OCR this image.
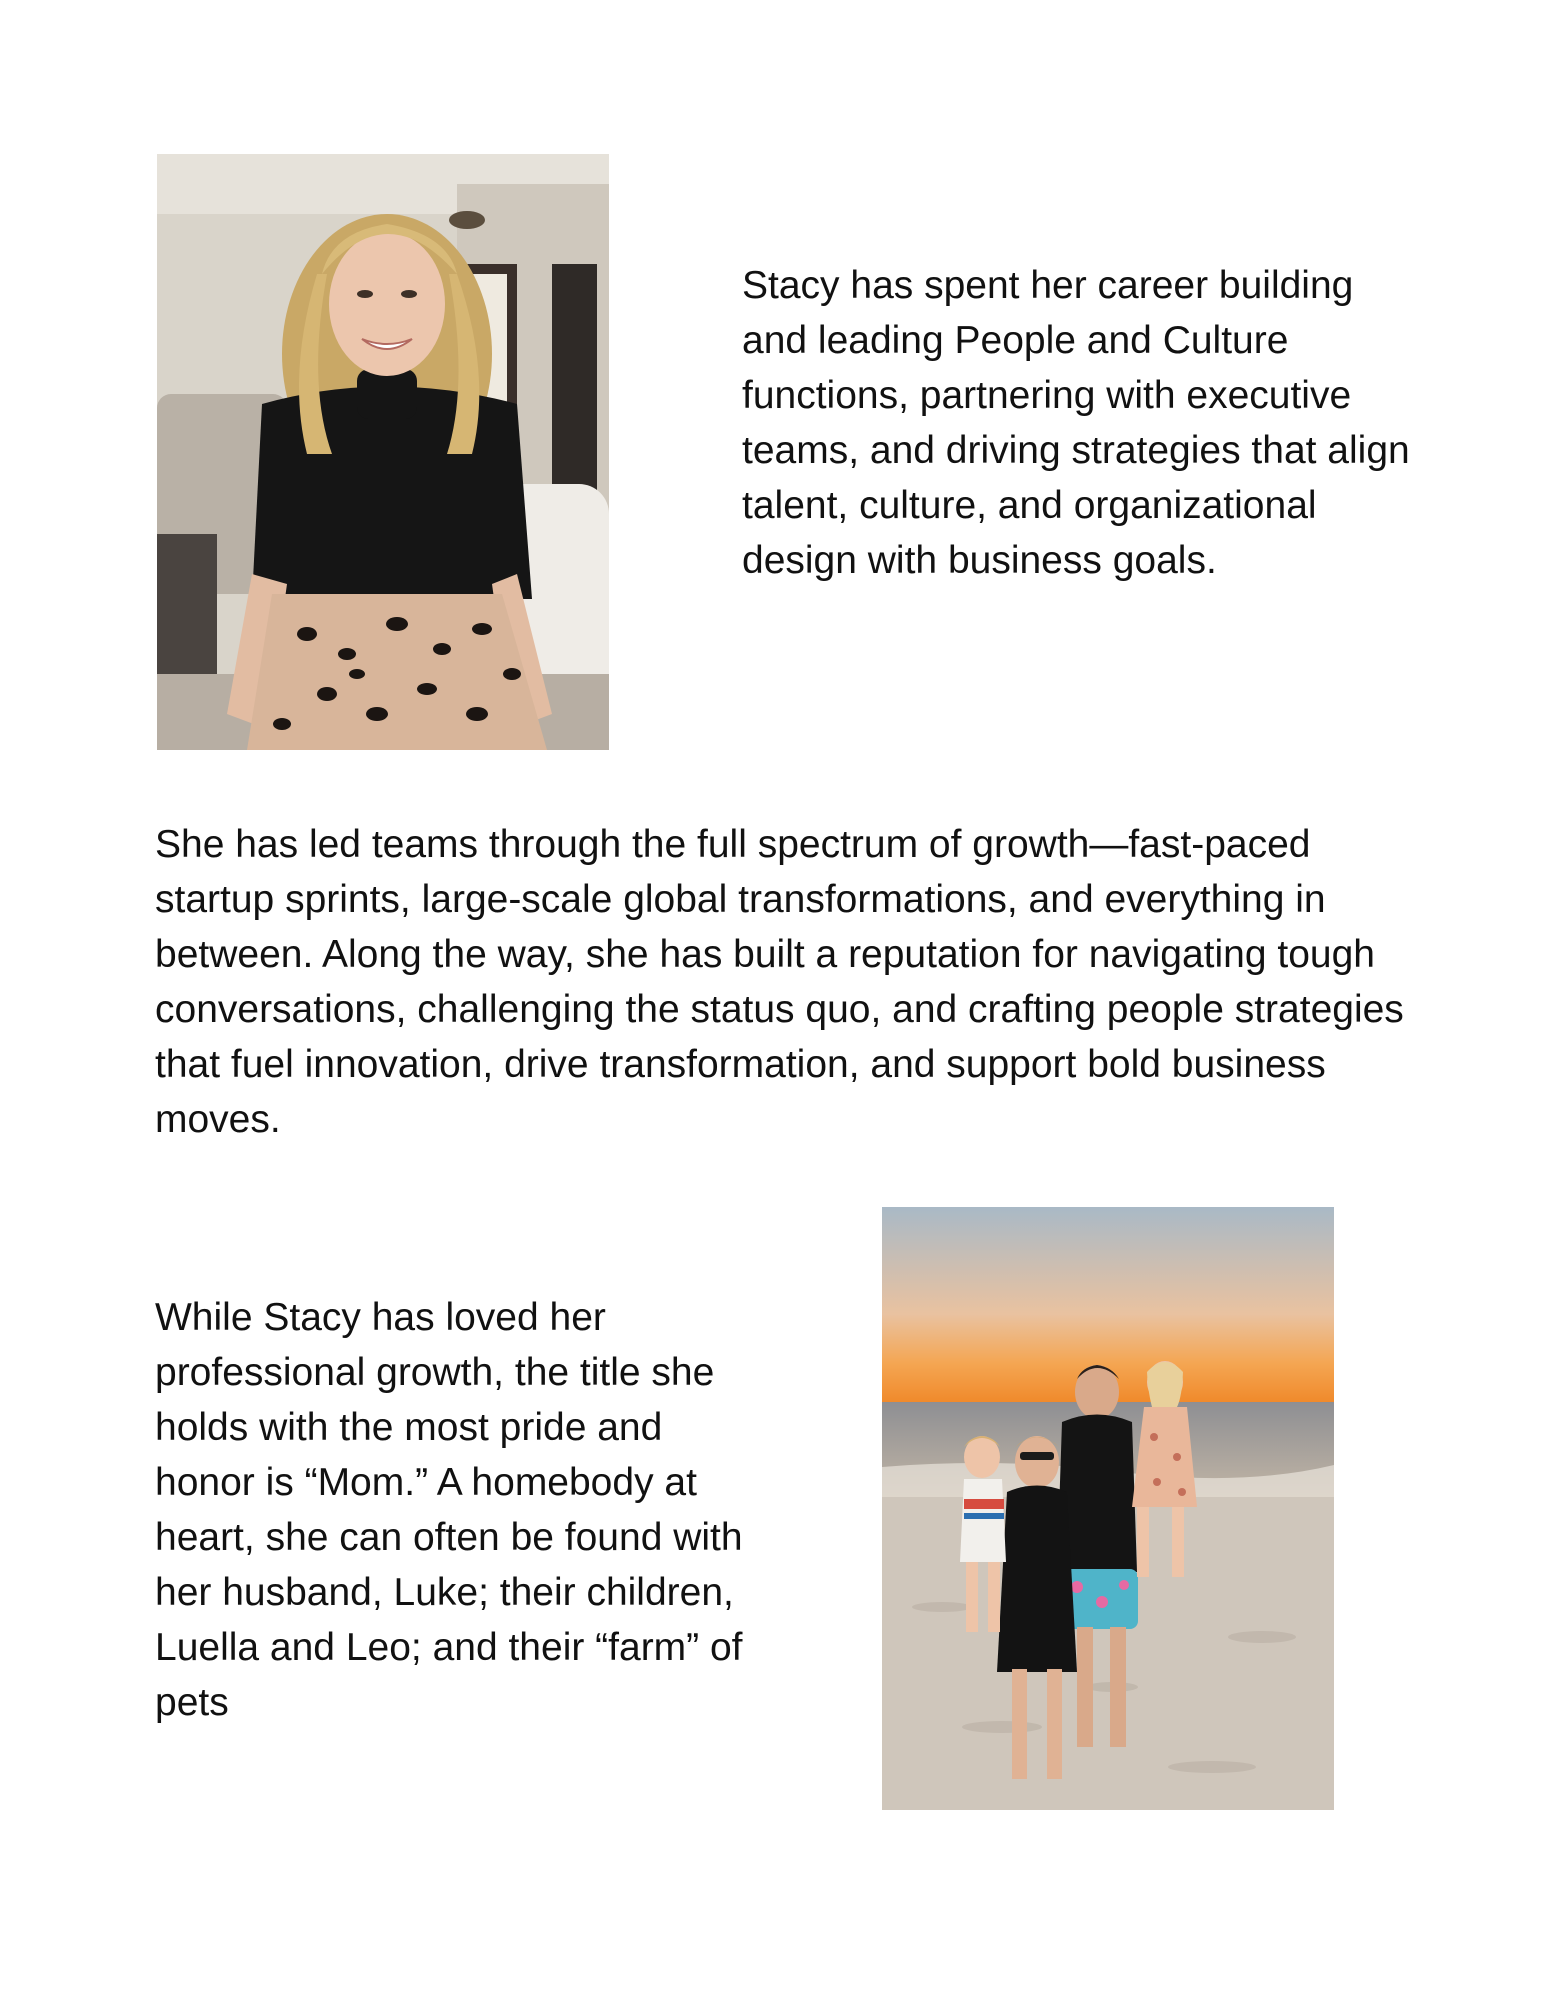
Stacy has spent her career building and leading People and Culture functions, partnering with executive teams, and driving strategies that align talent, culture, and organizational design with business goals.

She has led teams through the full spectrum of growth—fast-paced startup sprints, large-scale global transformations, and everything in between. Along the way, she has built a reputation for navigating tough conversations, challenging the status quo, and crafting people strategies that fuel innovation, drive transformation, and support bold business moves.

While Stacy has loved her professional growth, the title she holds with the most pride and honor is “Mom.” A homebody at heart, she can often be found with her husband, Luke; their children, Luella and Leo; and their “farm” of pets
